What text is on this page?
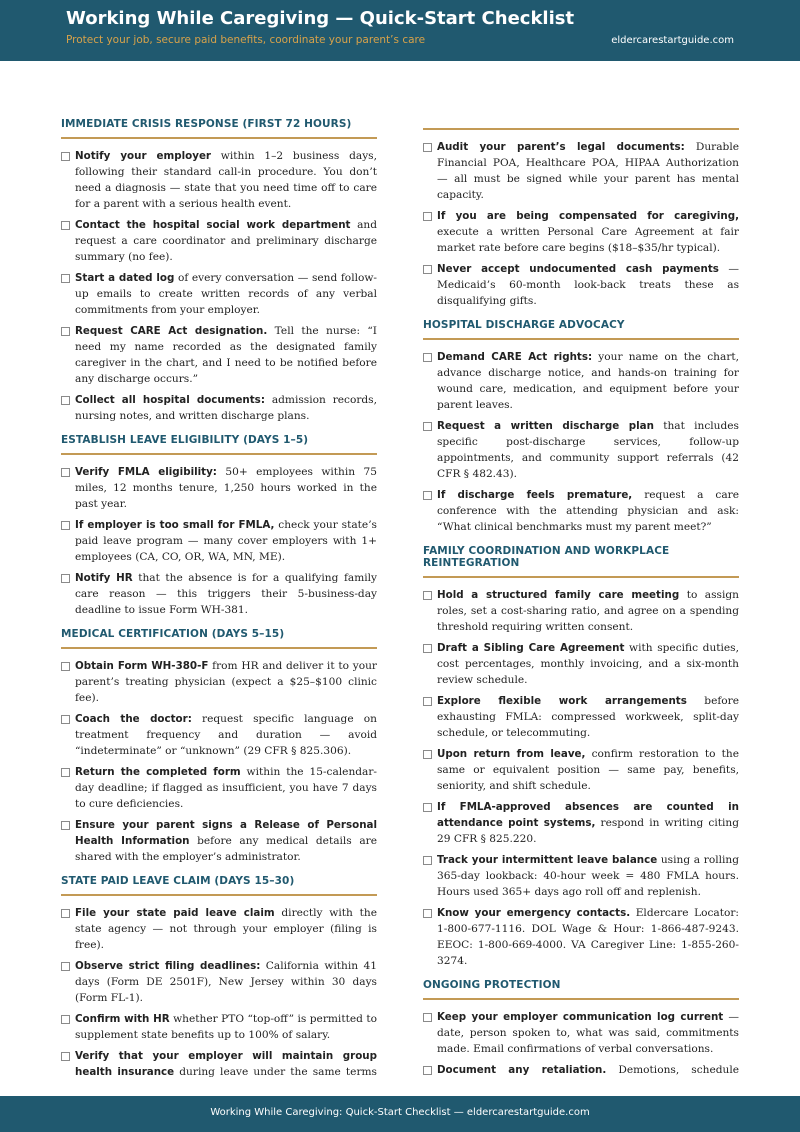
Working While Caregiving — Quick-Start Checklist
Protect your job, secure paid benefits, coordinate your parent’s care	eldercarestartguide.com
IMMEDIATE CRISIS RESPONSE (FIRST 72 HOURS)
Notify your employer within 1–2 business days, following their standard call-in procedure. You don’t need a diagnosis — state that you need time off to care for a parent with a serious health event.
Contact the hospital social work department and request a care coordinator and preliminary discharge summary (no fee).
Start a dated log of every conversation — send follow-up emails to create written records of any verbal commitments from your employer.
Request CARE Act designation. Tell the nurse: “I need my name recorded as the designated family caregiver in the chart, and I need to be notified before any discharge occurs.”
Collect all hospital documents: admission records, nursing notes, and written discharge plans.
ESTABLISH LEAVE ELIGIBILITY (DAYS 1–5)
Verify FMLA eligibility: 50+ employees within 75 miles, 12 months tenure, 1,250 hours worked in the past year.
If employer is too small for FMLA, check your state’s paid leave program — many cover employers with 1+ employees (CA, CO, OR, WA, MN, ME).
Notify HR that the absence is for a qualifying family care reason — this triggers their 5-business-day deadline to issue Form WH-381.
MEDICAL CERTIFICATION (DAYS 5–15)
Obtain Form WH-380-F from HR and deliver it to your parent’s treating physician (expect a $25–$100 clinic fee).
Coach the doctor: request specific language on treatment frequency and duration — avoid “indeterminate” or “unknown” (29 CFR § 825.306).
Return the completed form within the 15-calendar-day deadline; if flagged as insufficient, you have 7 days to cure deficiencies.
Ensure your parent signs a Release of Personal Health Information before any medical details are shared with the employer’s administrator.
STATE PAID LEAVE CLAIM (DAYS 15–30)
File your state paid leave claim directly with the state agency — not through your employer (filing is free).
Observe strict filing deadlines: California within 41 days (Form DE 2501F), New Jersey within 30 days (Form FL-1).
Confirm with HR whether PTO “top-off” is permitted to supplement state benefits up to 100% of salary.
Verify that your employer will maintain group health insurance during leave under the same terms
Audit your parent’s legal documents: Durable Financial POA, Healthcare POA, HIPAA Authorization — all must be signed while your parent has mental capacity.
If you are being compensated for caregiving, execute a written Personal Care Agreement at fair market rate before care begins ($18–$35/hr typical).
Never accept undocumented cash payments — Medicaid’s 60-month look-back treats these as disqualifying gifts.
HOSPITAL DISCHARGE ADVOCACY
Demand CARE Act rights: your name on the chart, advance discharge notice, and hands-on training for wound care, medication, and equipment before your parent leaves.
Request a written discharge plan that includes specific post-discharge services, follow-up appointments, and community support referrals (42 CFR § 482.43).
If discharge feels premature, request a care conference with the attending physician and ask: “What clinical benchmarks must my parent meet?”
FAMILY COORDINATION AND WORKPLACE REINTEGRATION
Hold a structured family care meeting to assign roles, set a cost-sharing ratio, and agree on a spending threshold requiring written consent.
Draft a Sibling Care Agreement with specific duties, cost percentages, monthly invoicing, and a six-month review schedule.
Explore flexible work arrangements before exhausting FMLA: compressed workweek, split-day schedule, or telecommuting.
Upon return from leave, confirm restoration to the same or equivalent position — same pay, benefits, seniority, and shift schedule.
If FMLA-approved absences are counted in attendance point systems, respond in writing citing 29 CFR § 825.220.
Track your intermittent leave balance using a rolling 365-day lookback: 40-hour week = 480 FMLA hours. Hours used 365+ days ago roll off and replenish.
Know your emergency contacts. Eldercare Locator: 1-800-677-1116. DOL Wage & Hour: 1-866-487-9243. EEOC: 1-800-669-4000. VA Caregiver Line: 1-855-260-3274.
ONGOING PROTECTION
Keep your employer communication log current — date, person spoken to, what was said, commitments made. Email confirmations of verbal conversations.
Document any retaliation. Demotions, schedule
Working While Caregiving: Quick-Start Checklist — eldercarestartguide.com
